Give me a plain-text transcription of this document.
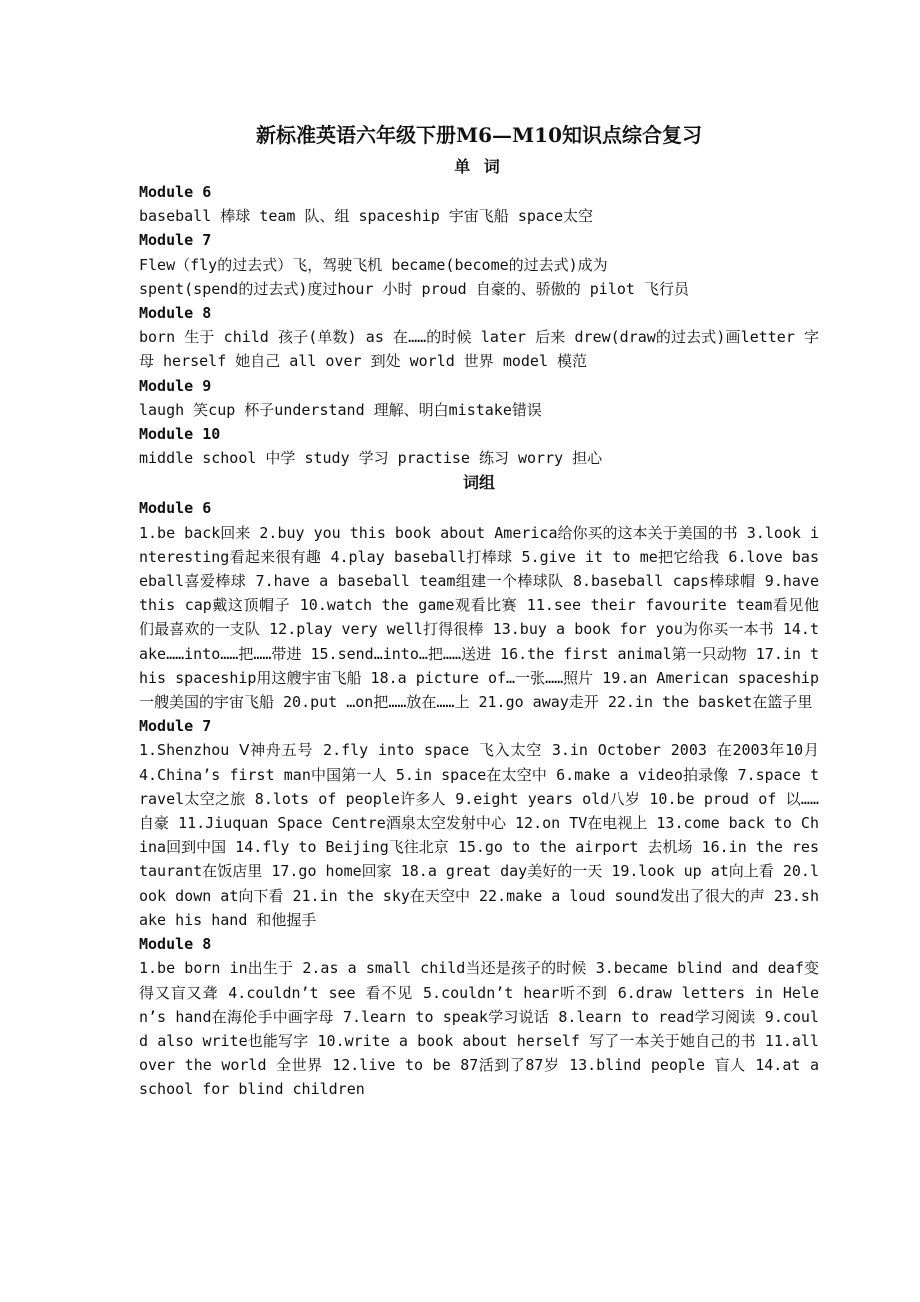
新标准英语六年级下册M6—M10知识点综合复习
单 词
Module 6

baseball 棒球 team 队、组 spaceship 宇宙飞船 space太空

Module 7

Flew（fly的过去式）飞，驾驶飞机 became(become的过去式)成为

spent(spend的过去式)度过hour 小时 proud 自豪的、骄傲的 pilot 飞行员

Module 8

born 生于 child 孩子(单数) as 在……的时候 later 后来 drew(draw的过去式)画letter 字母 herself 她自己 all over 到处 world 世界 model 模范

Module 9

laugh 笑cup 杯子understand 理解、明白mistake错误

Module 10

middle school 中学 study 学习 practise 练习 worry 担心

词组
Module 6

1.be back回来 2.buy you this book about America给你买的这本关于美国的书 3.look interesting看起来很有趣 4.play baseball打棒球 5.give it to me把它给我 6.love baseball喜爱棒球 7.have a baseball team组建一个棒球队 8.baseball caps棒球帽 9.have this cap戴这顶帽子 10.watch the game观看比赛 11.see their favourite team看见他们最喜欢的一支队 12.play very well打得很棒 13.buy a book for you为你买一本书 14.take……into……把……带进 15.send…into…把……送进 16.the first animal第一只动物 17.in this spaceship用这艘宇宙飞船 18.a picture of…一张……照片 19.an American spaceship 一艘美国的宇宙飞船 20.put …on把……放在……上 21.go away走开 22.in the basket在篮子里

Module 7

1.Shenzhou Ⅴ神舟五号 2.fly into space 飞入太空 3.in October 2003 在2003年10月 4.China’s first man中国第一人 5.in space在太空中 6.make a video拍录像 7.space travel太空之旅 8.lots of people许多人 9.eight years old八岁 10.be proud of 以……自豪 11.Jiuquan Space Centre酒泉太空发射中心 12.on TV在电视上 13.come back to China回到中国 14.fly to Beijing飞往北京 15.go to the airport 去机场 16.in the restaurant在饭店里 17.go home回家 18.a great day美好的一天 19.look up at向上看 20.look down at向下看 21.in the sky在天空中 22.make a loud sound发出了很大的声 23.shake his hand 和他握手

Module 8

1.be born in出生于 2.as a small child当还是孩子的时候 3.became blind and deaf变得又盲又聋 4.couldn’t see 看不见 5.couldn’t hear听不到 6.draw letters in Helen’s hand在海伦手中画字母 7.learn to speak学习说话 8.learn to read学习阅读 9.could also write也能写字 10.write a book about herself 写了一本关于她自己的书 11.all over the world 全世界 12.live to be 87活到了87岁 13.blind people 盲人 14.at a school for blind children
